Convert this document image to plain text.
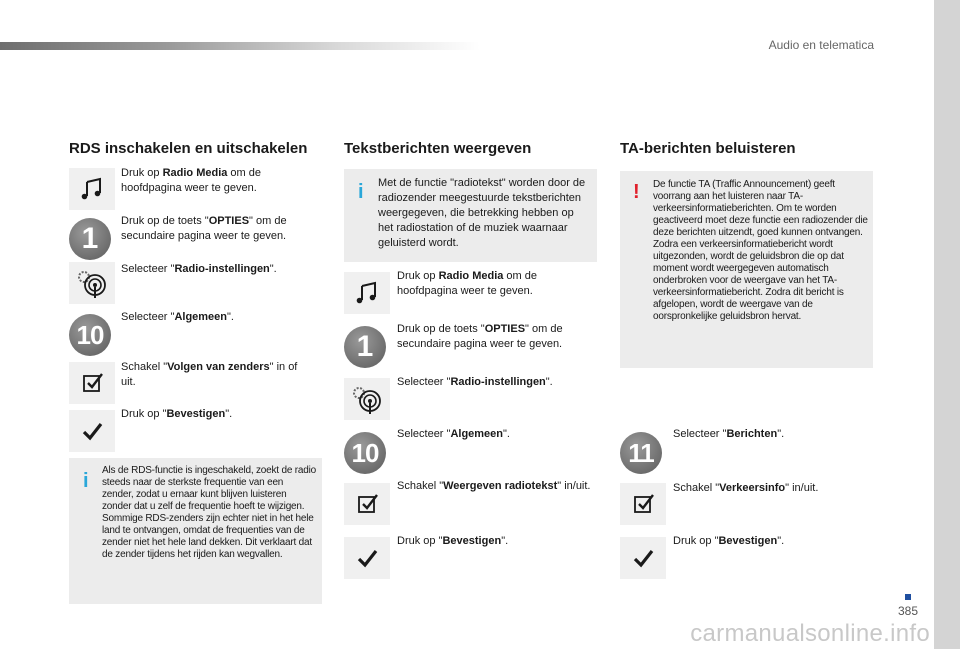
Audio en telematica
385
carmanualsonline.info
RDS inschakelen en uitschakelen
Druk op Radio Media om de hoofdpagina weer te geven.
1
Druk op de toets "OPTIES" om de secundaire pagina weer te geven.
Selecteer "Radio-instellingen".
10
Selecteer "Algemeen".
Schakel "Volgen van zenders" in of uit.
Druk op "Bevestigen".
i Als de RDS-functie is ingeschakeld, zoekt de radio steeds naar de sterkste frequentie van een zender, zodat u ernaar kunt blijven luisteren zonder dat u zelf de frequentie hoeft te wijzigen. Sommige RDS-zenders zijn echter niet in het hele land te ontvangen, omdat de frequenties van de zender niet het hele land dekken. Dit verklaart dat de zender tijdens het rijden kan wegvallen.
Tekstberichten weergeven
i Met de functie "radiotekst" worden door de radiozender meegestuurde tekstberichten weergegeven, die betrekking hebben op het radiostation of de muziek waarnaar geluisterd wordt.
Druk op Radio Media om de hoofdpagina weer te geven.
1
Druk op de toets "OPTIES" om de secundaire pagina weer te geven.
Selecteer "Radio-instellingen".
10
Selecteer "Algemeen".
Schakel "Weergeven radiotekst" in/uit.
Druk op "Bevestigen".
TA-berichten beluisteren
! De functie TA (Traffic Announcement) geeft voorrang aan het luisteren naar TA-verkeersinformatieberichten. Om te worden geactiveerd moet deze functie een radiozender die deze berichten uitzendt, goed kunnen ontvangen. Zodra een verkeersinformatiebericht wordt uitgezonden, wordt de geluidsbron die op dat moment wordt weergegeven automatisch onderbroken voor de weergave van het TA-verkeersinformatiebericht. Zodra dit bericht is afgelopen, wordt de weergave van de oorspronkelijke geluidsbron hervat.
11
Selecteer "Berichten".
Schakel "Verkeersinfo" in/uit.
Druk op "Bevestigen".
